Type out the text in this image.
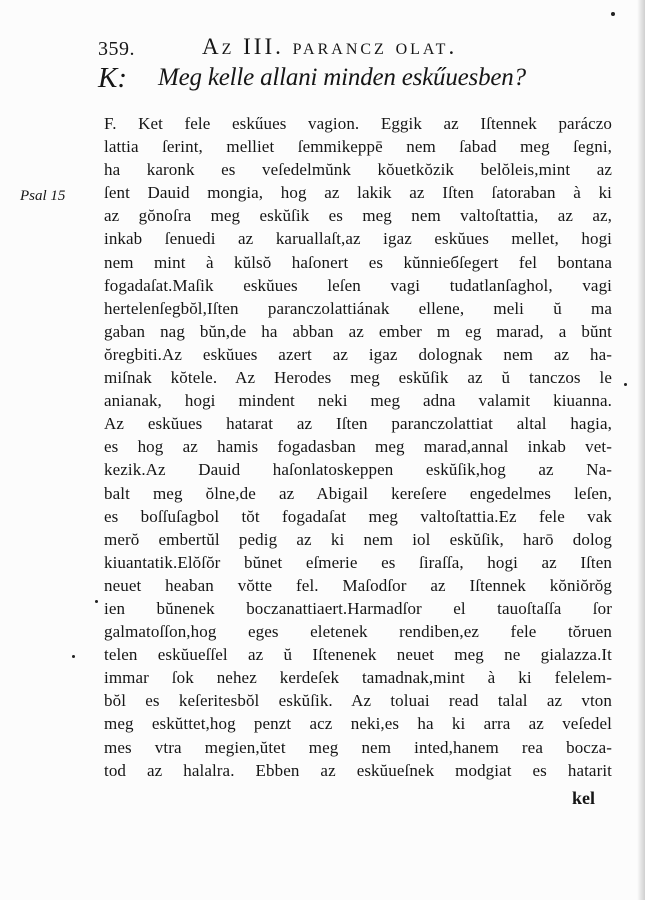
359.	Az III. parancz olat.
K: Meg kelle allani minden eskűuesben?
Psal 15
F. Ket fele eskűues vagion. Eggik az Iſtennek paráczo
lattia ſerint, melliet ſemmikeppē nem ſabad meg ſegni,
ha karonk es veſedelmŭnk kŏuetkŏzik belŏleis,mint az
ſent Dauid mongia, hog az lakik az Iſten ſatoraban à ki
az gŏnoſra meg eskŭſik es meg nem valtoſtattia, az az,
inkab ſenuedi az karuallaſt,az igaz eskŭues mellet, hogi
nem mint à kŭlsŏ haſonert es kŭnnieбſegert fel bontana
fogadaſat.Maſik eskŭues leſen vagi tudatlanſaghol, vagi
hertelenſegbŏl,Iſten paranczolattiának ellene, meli ŭ ma
gaban nag bŭn,de ha abban az ember m eg marad, a bŭnt
ŏregbiti.Az eskŭues azert az igaz dolognak nem az ha-
miſnak kŏtele. Az Herodes meg eskŭſik az ŭ tanczos le
anianak, hogi mindent neki meg adna valamit kiuanna.
Az eskŭues hatarat az Iſten paranczolattiat altal hagia,
es hog az hamis fogadasban meg marad,annal inkab vet-
kezik.Az Dauid haſonlatoskeppen eskŭſik,hog az Na-
balt meg ŏlne,de az Abigail kereſere engedelmes leſen,
es boſſuſagbol tŏt fogadaſat meg valtoſtattia.Ez fele vak
merŏ embertŭl pedig az ki nem iol eskŭſik, harō dolog
kiuantatik.Elŏſŏr bŭnet eſmerie es ſiraſſa, hogi az Iſten
neuet heaban vŏtte fel. Maſodſor az Iſtennek kŏniŏrŏg
ien bŭnenek boczanattiaert.Harmadſor el tauoſtaſſa ſor
galmatoſſon,hog eges eletenek rendiben,ez fele tŏruen
telen eskŭueſſel az ŭ Iſtenenek neuet meg ne gialazza.It
immar ſok nehez kerdeſek tamadnak,mint à ki felelem-
bŏl es keſeritesbŏl eskŭſik. Az toluai read talal az vton
meg eskŭttet,hog penzt acz neki,es ha ki arra az veſedel
mes vtra megien,ŭtet meg nem inted,hanem rea bocza-
tod az halalra. Ebben az eskŭueſnek modgiat es hatarit
kel
